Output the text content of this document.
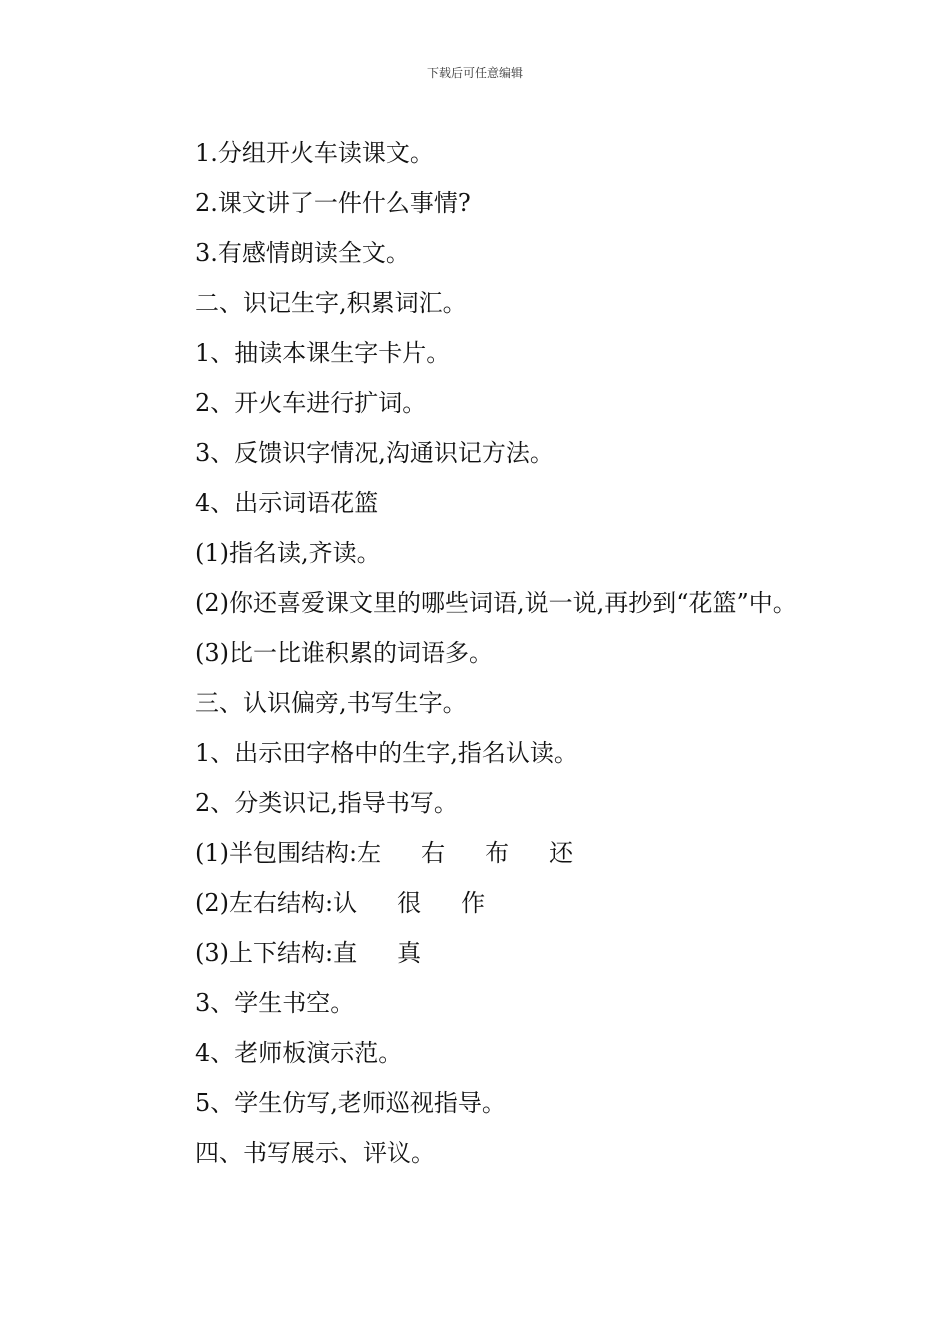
下载后可任意编辑
1.分组开火车读课文。
2.课文讲了一件什么事情?
3.有感情朗读全文。
二、识记生字,积累词汇。
1、抽读本课生字卡片。
2、开火车进行扩词。
3、反馈识字情况,沟通识记方法。
4、出示词语花篮
(1)指名读,齐读。
(2)你还喜爱课文里的哪些词语,说一说,再抄到“花篮”中。
(3)比一比谁积累的词语多。
三、认识偏旁,书写生字。
1、出示田字格中的生字,指名认读。
2、分类识记,指导书写。
(1)半包围结构:左 右 布 还
(2)左右结构:认 很 作
(3)上下结构:直 真
3、学生书空。
4、老师板演示范。
5、学生仿写,老师巡视指导。
四、书写展示、评议。
